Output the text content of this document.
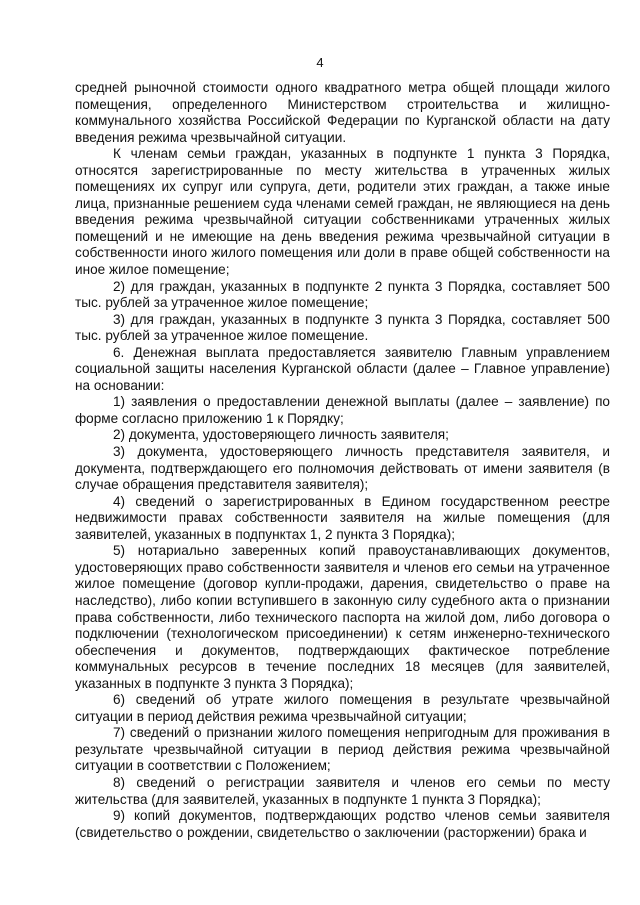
4

средней рыночной стоимости одного квадратного метра общей площади жилого помещения, определенного Министерством строительства и жилищно-коммунального хозяйства Российской Федерации по Курганской области на дату введения режима чрезвычайной ситуации.

К членам семьи граждан, указанных в подпункте 1 пункта 3 Порядка, относятся зарегистрированные по месту жительства в утраченных жилых помещениях их супруг или супруга, дети, родители этих граждан, а также иные лица, признанные решением суда членами семей граждан, не являющиеся на день введения режима чрезвычайной ситуации собственниками утраченных жилых помещений и не имеющие на день введения режима чрезвычайной ситуации в собственности иного жилого помещения или доли в праве общей собственности на иное жилое помещение;

2) для граждан, указанных в подпункте 2 пункта 3 Порядка, составляет 500 тыс. рублей за утраченное жилое помещение;

3) для граждан, указанных в подпункте 3 пункта 3 Порядка, составляет 500 тыс. рублей за утраченное жилое помещение.

6. Денежная выплата предоставляется заявителю Главным управлением социальной защиты населения Курганской области (далее – Главное управление) на основании:

1) заявления о предоставлении денежной выплаты (далее – заявление) по форме согласно приложению 1 к Порядку;

2) документа, удостоверяющего личность заявителя;

3) документа, удостоверяющего личность представителя заявителя, и документа, подтверждающего его полномочия действовать от имени заявителя (в случае обращения представителя заявителя);

4) сведений о зарегистрированных в Едином государственном реестре недвижимости правах собственности заявителя на жилые помещения (для заявителей, указанных в подпунктах 1, 2 пункта 3 Порядка);

5) нотариально заверенных копий правоустанавливающих документов, удостоверяющих право собственности заявителя и членов его семьи на утраченное жилое помещение (договор купли-продажи, дарения, свидетельство о праве на наследство), либо копии вступившего в законную силу судебного акта о признании права собственности, либо технического паспорта на жилой дом, либо договора о подключении (технологическом присоединении) к сетям инженерно-технического обеспечения и документов, подтверждающих фактическое потребление коммунальных ресурсов в течение последних 18 месяцев (для заявителей, указанных в подпункте 3 пункта 3 Порядка);

6) сведений об утрате жилого помещения в результате чрезвычайной ситуации в период действия режима чрезвычайной ситуации;

7) сведений о признании жилого помещения непригодным для проживания в результате чрезвычайной ситуации в период действия режима чрезвычайной ситуации в соответствии с Положением;

8) сведений о регистрации заявителя и членов его семьи по месту жительства (для заявителей, указанных в подпункте 1 пункта 3 Порядка);

9) копий документов, подтверждающих родство членов семьи заявителя (свидетельство о рождении, свидетельство о заключении (расторжении) брака и
